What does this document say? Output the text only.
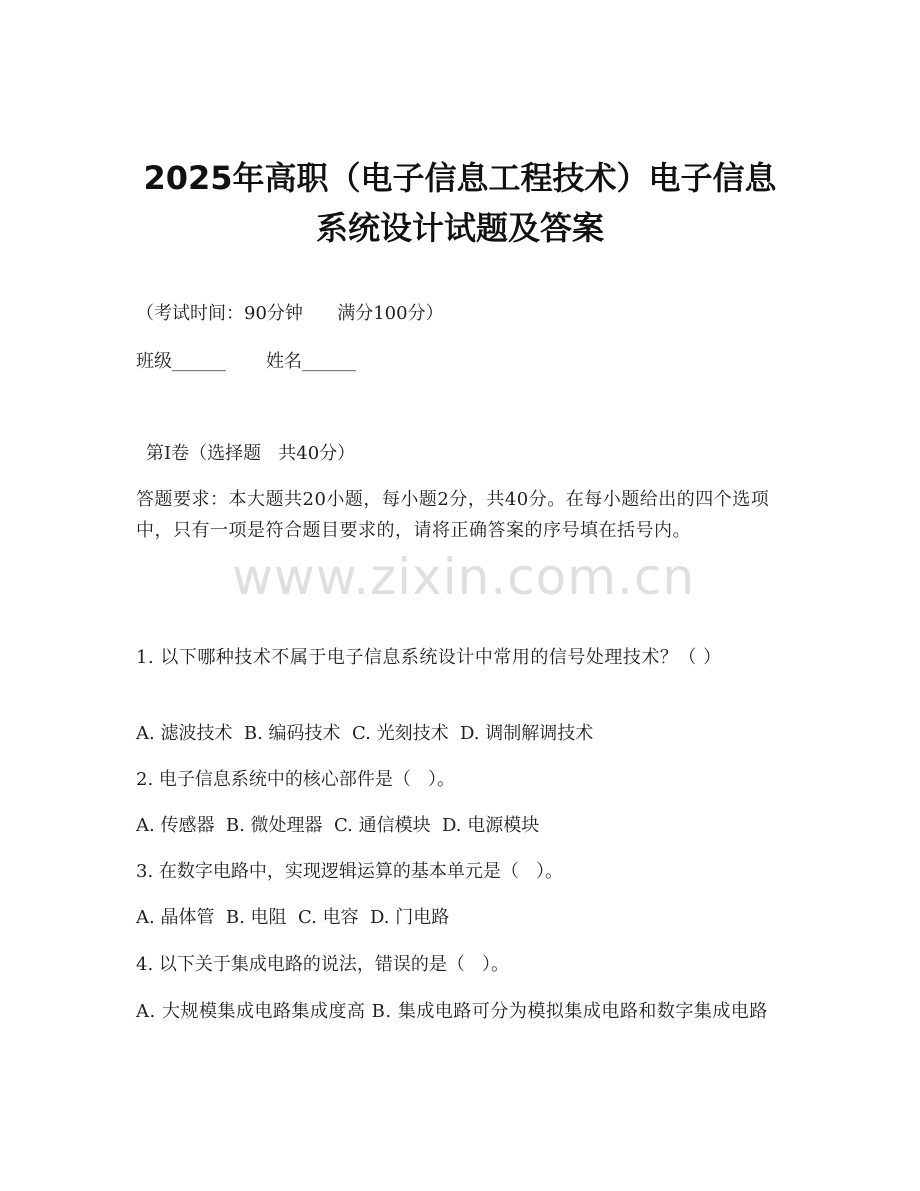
2025年高职（电子信息工程技术）电子信息
系统设计试题及答案
（考试时间：90分钟      满分100分）
班级______       姓名______
第I卷（选择题   共40分）
答题要求：本大题共20小题，每小题2分，共40分。在每小题给出的四个选项中，只有一项是符合题目要求的，请将正确答案的序号填在括号内。
www.zixin.com.cn
1. 以下哪种技术不属于电子信息系统设计中常用的信号处理技术？（ ）
A. 滤波技术  B. 编码技术  C. 光刻技术  D. 调制解调技术
2. 电子信息系统中的核心部件是（   ）。
A. 传感器  B. 微处理器  C. 通信模块  D. 电源模块
3. 在数字电路中，实现逻辑运算的基本单元是（   ）。
A. 晶体管  B. 电阻  C. 电容  D. 门电路
4. 以下关于集成电路的说法，错误的是（   ）。
A. 大规模集成电路集成度高 B. 集成电路可分为模拟集成电路和数字集成电路
